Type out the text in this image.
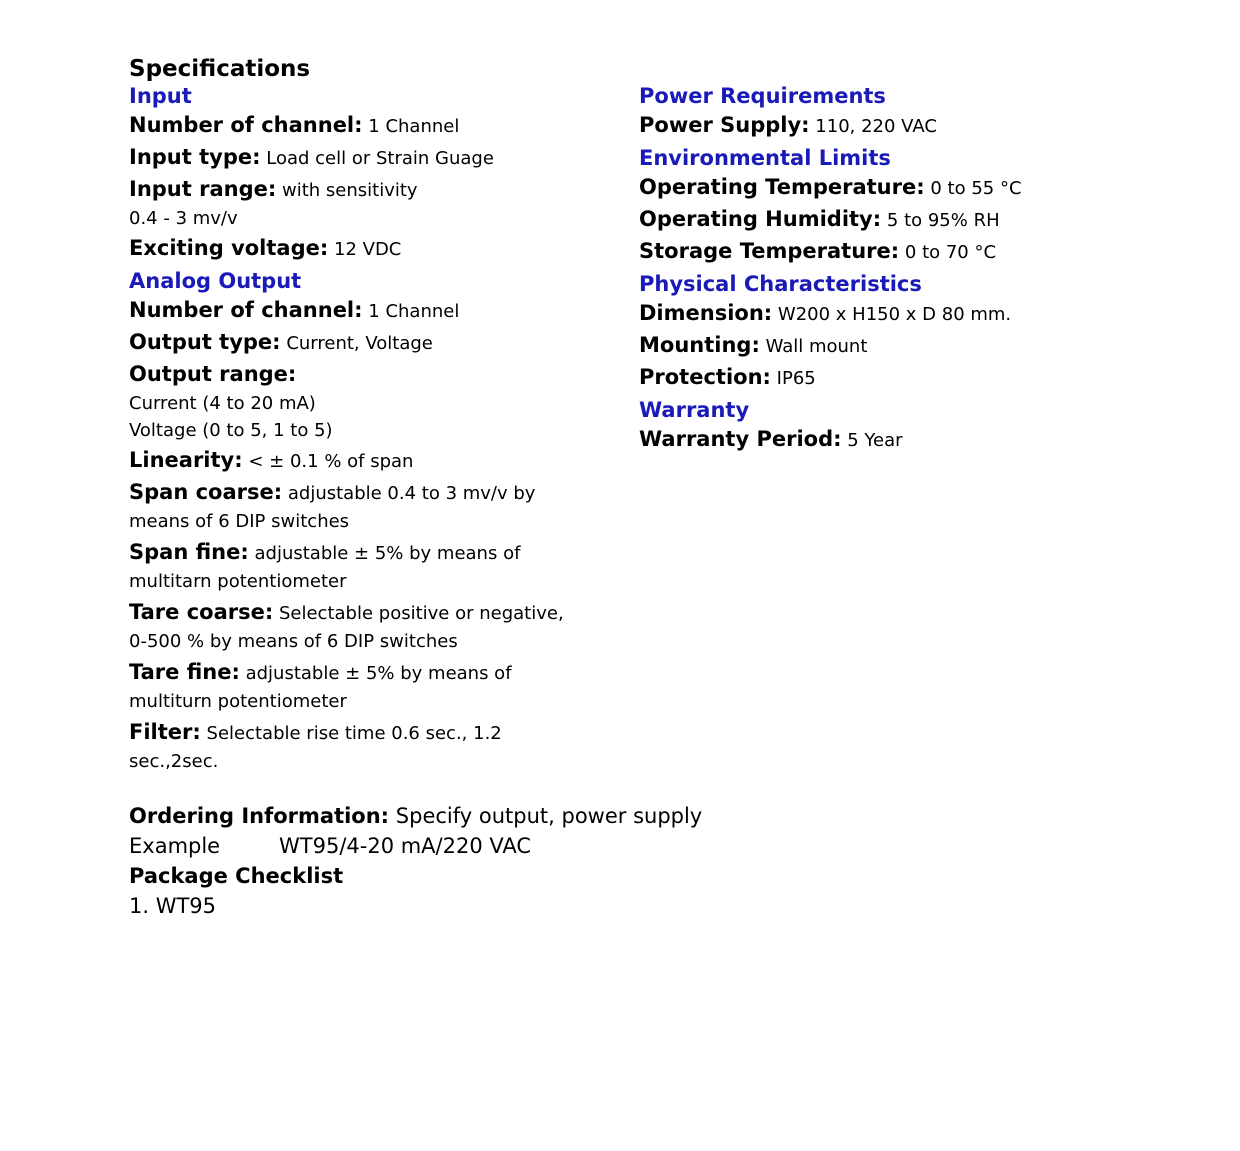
Specifications
Input
Number of channel: 1 Channel
Input type: Load cell or Strain Guage
Input range: with sensitivity
0.4 - 3 mv/v
Exciting voltage: 12 VDC
Analog Output
Number of channel: 1 Channel
Output type: Current, Voltage
Output range:
Current (4 to 20 mA)
Voltage (0 to 5, 1 to 5)
Linearity: < ± 0.1 % of span
Span coarse: adjustable 0.4 to 3 mv/v by means of 6 DIP switches
Span fine: adjustable ± 5% by means of multitarn potentiometer
Tare coarse: Selectable positive or negative, 0-500 % by means of 6 DIP switches
Tare fine: adjustable ± 5% by means of multiturn potentiometer
Filter: Selectable rise time 0.6 sec., 1.2 sec.,2sec.
Power Requirements
Power Supply: 110, 220 VAC
Environmental Limits
Operating Temperature: 0 to 55 °C
Operating Humidity: 5 to 95% RH
Storage Temperature: 0 to 70 °C
Physical Characteristics
Dimension: W200 x H150 x D 80 mm.
Mounting: Wall mount
Protection: IP65
Warranty
Warranty Period: 5 Year
Ordering Information: Specify output, power supply
Example	WT95/4-20 mA/220 VAC
Package Checklist
1. WT95
